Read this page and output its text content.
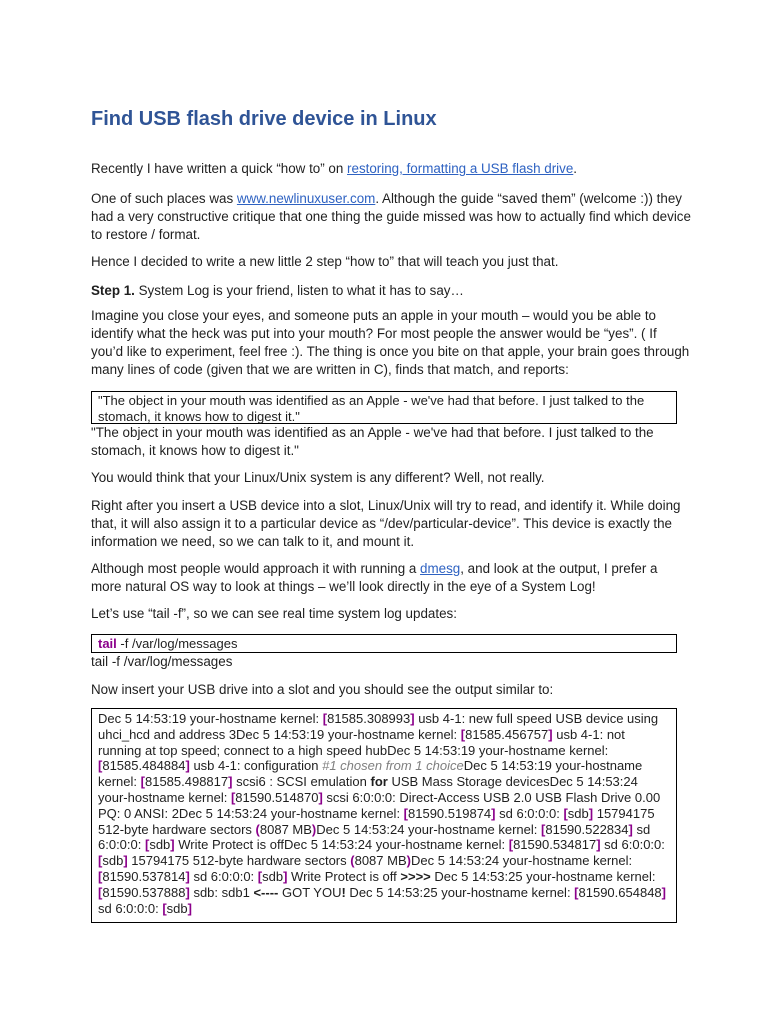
Find USB flash drive device in Linux

Recently I have written a quick “how to” on restoring, formatting a USB flash drive.

One of such places was www.newlinuxuser.com. Although the guide “saved them” (welcome :)) they had a very constructive critique that one thing the guide missed was how to actually find which device to restore / format.

Hence I decided to write a new little 2 step “how to” that will teach you just that.

Step 1. System Log is your friend, listen to what it has to say…

Imagine you close your eyes, and someone puts an apple in your mouth – would you be able to identify what the heck was put into your mouth? For most people the answer would be “yes”. ( If you’d like to experiment, feel free :). The thing is once you bite on that apple, your brain goes through many lines of code (given that we are written in C), finds that match, and reports:

"The object in your mouth was identified as an Apple - we've had that before. I just talked to the stomach, it knows how to digest it."

"The object in your mouth was identified as an Apple - we've had that before. I just talked to the stomach, it knows how to digest it."

You would think that your Linux/Unix system is any different? Well, not really.

Right after you insert a USB device into a slot, Linux/Unix will try to read, and identify it. While doing that, it will also assign it to a particular device as “/dev/particular-device”. This device is exactly the information we need, so we can talk to it, and mount it.

Although most people would approach it with running a dmesg, and look at the output, I prefer a more natural OS way to look at things – we’ll look directly in the eye of a System Log!

Let’s use “tail -f”, so we can see real time system log updates:

tail -f /var/log/messages

tail -f /var/log/messages

Now insert your USB drive into a slot and you should see the output similar to:

Dec 5 14:53:19 your-hostname kernel: [81585.308993] usb 4-1: new full speed USB device using uhci_hcd and address 3Dec 5 14:53:19 your-hostname kernel: [81585.456757] usb 4-1: not running at top speed; connect to a high speed hubDec 5 14:53:19 your-hostname kernel: [81585.484884] usb 4-1: configuration #1 chosen from 1 choiceDec 5 14:53:19 your-hostname kernel: [81585.498817] scsi6 : SCSI emulation for USB Mass Storage devicesDec 5 14:53:24 your-hostname kernel: [81590.514870] scsi 6:0:0:0: Direct-Access USB 2.0 USB Flash Drive 0.00 PQ: 0 ANSI: 2Dec 5 14:53:24 your-hostname kernel: [81590.519874] sd 6:0:0:0: [sdb] 15794175 512-byte hardware sectors (8087 MB)Dec 5 14:53:24 your-hostname kernel: [81590.522834] sd 6:0:0:0: [sdb] Write Protect is offDec 5 14:53:24 your-hostname kernel: [81590.534817] sd 6:0:0:0: [sdb] 15794175 512-byte hardware sectors (8087 MB)Dec 5 14:53:24 your-hostname kernel: [81590.537814] sd 6:0:0:0: [sdb] Write Protect is off >>>> Dec 5 14:53:25 your-hostname kernel: [81590.537888] sdb: sdb1 <---- GOT YOU! Dec 5 14:53:25 your-hostname kernel: [81590.654848] sd 6:0:0:0: [sdb]
